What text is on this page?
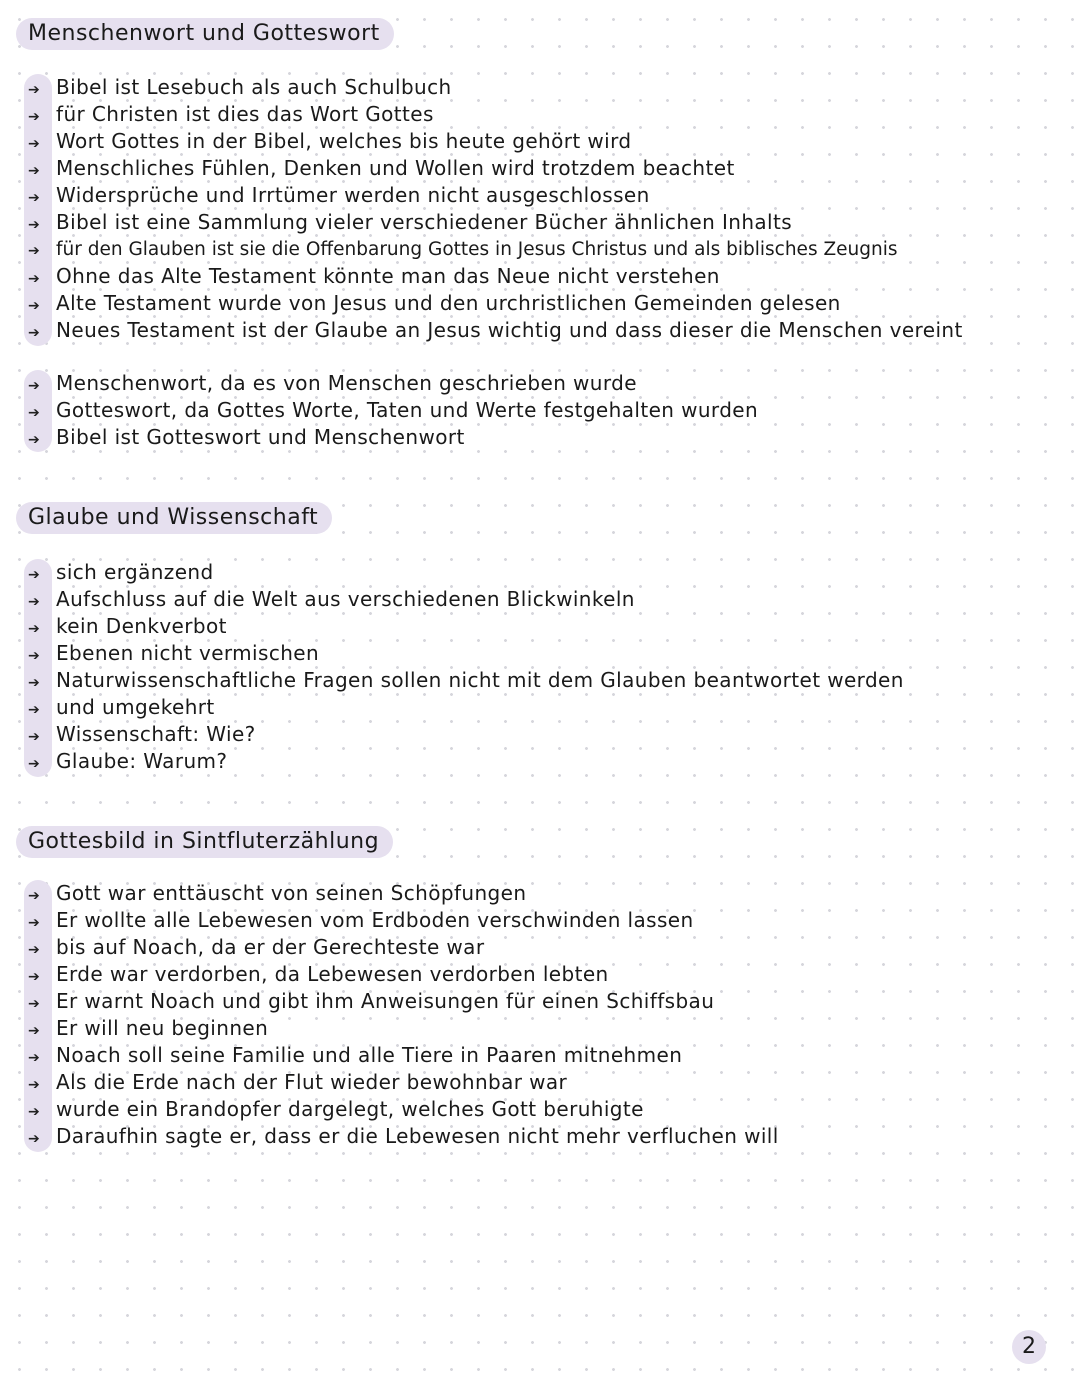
Menschenwort und Gotteswort
➔ Bibel ist Lesebuch als auch Schulbuch
➔ für Christen ist dies das Wort Gottes
➔ Wort Gottes in der Bibel, welches bis heute gehört wird
➔ Menschliches Fühlen, Denken und Wollen wird trotzdem beachtet
➔ Widersprüche und Irrtümer werden nicht ausgeschlossen
➔ Bibel ist eine Sammlung vieler verschiedener Bücher ähnlichen Inhalts
➔ für den Glauben ist sie die Offenbarung Gottes in Jesus Christus und als biblisches Zeugnis
➔ Ohne das Alte Testament könnte man das Neue nicht verstehen
➔ Alte Testament wurde von Jesus und den urchristlichen Gemeinden gelesen
➔ Neues Testament ist der Glaube an Jesus wichtig und dass dieser die Menschen vereint
➔ Menschenwort, da es von Menschen geschrieben wurde
➔ Gotteswort, da Gottes Worte, Taten und Werte festgehalten wurden
➔ Bibel ist Gotteswort und Menschenwort
Glaube und Wissenschaft
➔ sich ergänzend
➔ Aufschluss auf die Welt aus verschiedenen Blickwinkeln
➔ kein Denkverbot
➔ Ebenen nicht vermischen
➔ Naturwissenschaftliche Fragen sollen nicht mit dem Glauben beantwortet werden
➔ und umgekehrt
➔ Wissenschaft: Wie?
➔ Glaube: Warum?
Gottesbild in Sintfluterzählung
➔ Gott war enttäuscht von seinen Schöpfungen
➔ Er wollte alle Lebewesen vom Erdboden verschwinden lassen
➔ bis auf Noach, da er der Gerechteste war
➔ Erde war verdorben, da Lebewesen verdorben lebten
➔ Er warnt Noach und gibt ihm Anweisungen für einen Schiffsbau
➔ Er will neu beginnen
➔ Noach soll seine Familie und alle Tiere in Paaren mitnehmen
➔ Als die Erde nach der Flut wieder bewohnbar war
➔ wurde ein Brandopfer dargelegt, welches Gott beruhigte
➔ Daraufhin sagte er, dass er die Lebewesen nicht mehr verfluchen will
2
